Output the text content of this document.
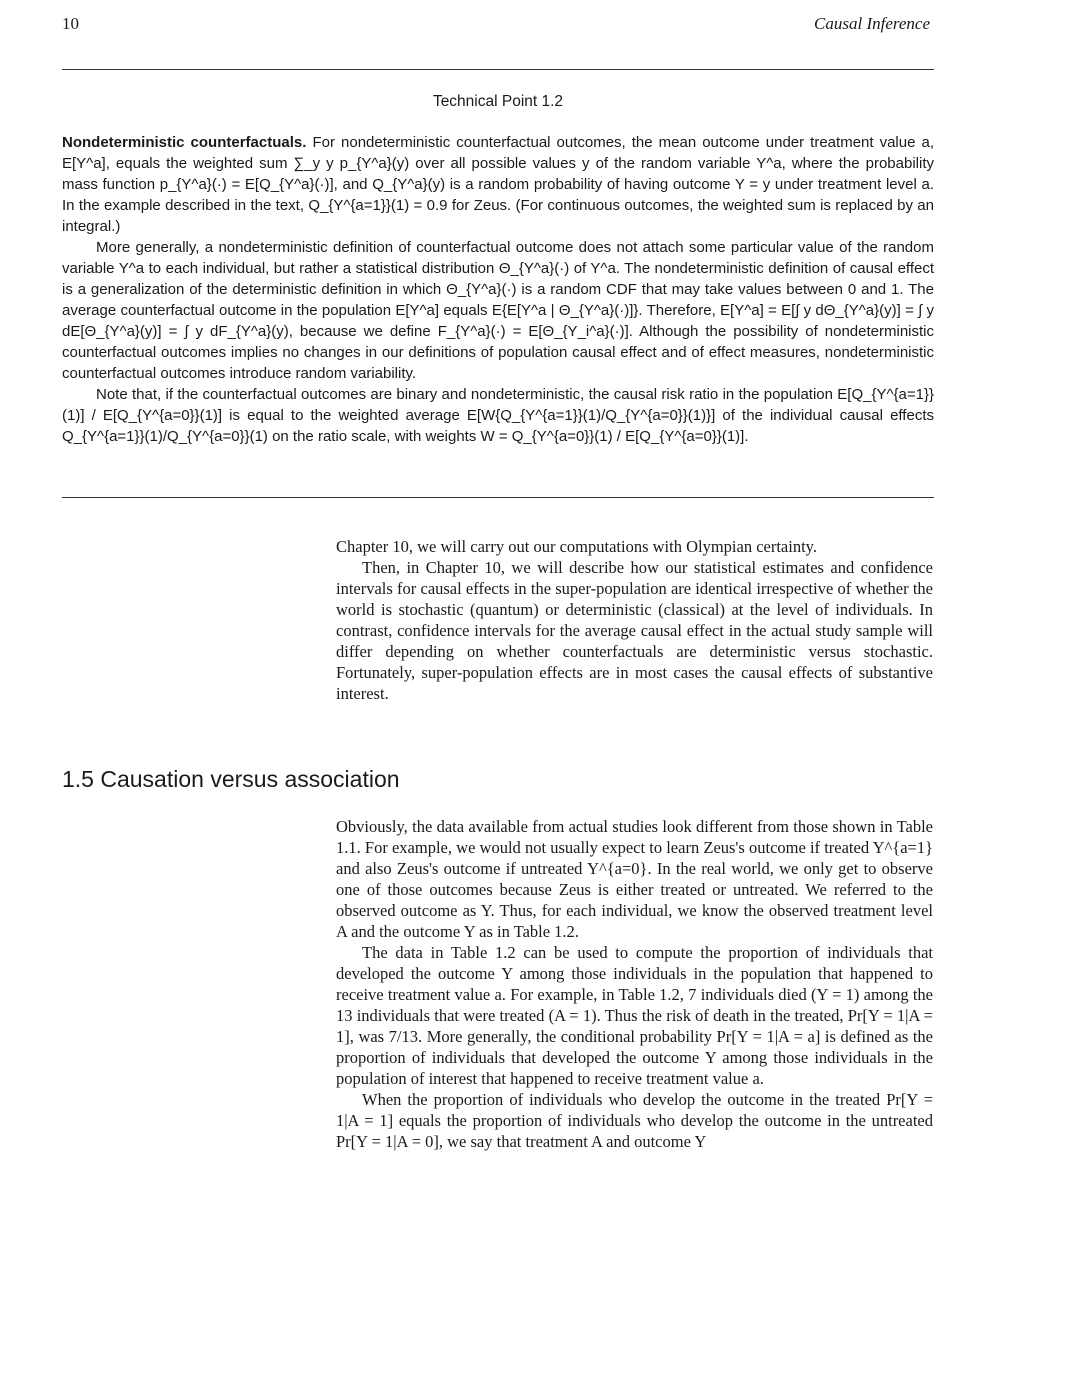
10	Causal Inference
Technical Point 1.2

Nondeterministic counterfactuals. For nondeterministic counterfactual outcomes, the mean outcome under treatment value a, E[Y^a], equals the weighted sum ∑_y y p_{Y^a}(y) over all possible values y of the random variable Y^a, where the probability mass function p_{Y^a}(·) = E[Q_{Y^a}(·)], and Q_{Y^a}(y) is a random probability of having outcome Y = y under treatment level a. In the example described in the text, Q_{Y^{a=1}}(1) = 0.9 for Zeus. (For continuous outcomes, the weighted sum is replaced by an integral.)

More generally, a nondeterministic definition of counterfactual outcome does not attach some particular value of the random variable Y^a to each individual, but rather a statistical distribution Θ_{Y^a}(·) of Y^a. The nondeterministic definition of causal effect is a generalization of the deterministic definition in which Θ_{Y^a}(·) is a random CDF that may take values between 0 and 1. The average counterfactual outcome in the population E[Y^a] equals E{E[Y^a | Θ_{Y^a}(·)]}. Therefore, E[Y^a] = E[∫ y dΘ_{Y^a}(y)] = ∫ y dE[Θ_{Y^a}(y)] = ∫ y dF_{Y^a}(y), because we define F_{Y^a}(·) = E[Θ_{Y_i^a}(·)]. Although the possibility of nondeterministic counterfactual outcomes implies no changes in our definitions of population causal effect and of effect measures, nondeterministic counterfactual outcomes introduce random variability.

Note that, if the counterfactual outcomes are binary and nondeterministic, the causal risk ratio in the population E[Q_{Y^{a=1}}(1)] / E[Q_{Y^{a=0}}(1)] is equal to the weighted average E[W{Q_{Y^{a=1}}(1)/Q_{Y^{a=0}}(1)}] of the individual causal effects Q_{Y^{a=1}}(1)/Q_{Y^{a=0}}(1) on the ratio scale, with weights W = Q_{Y^{a=0}}(1) / E[Q_{Y^{a=0}}(1)].

Chapter 10, we will carry out our computations with Olympian certainty.

Then, in Chapter 10, we will describe how our statistical estimates and confidence intervals for causal effects in the super-population are identical irrespective of whether the world is stochastic (quantum) or deterministic (classical) at the level of individuals. In contrast, confidence intervals for the average causal effect in the actual study sample will differ depending on whether counterfactuals are deterministic versus stochastic. Fortunately, super-population effects are in most cases the causal effects of substantive interest.

1.5 Causation versus association

Obviously, the data available from actual studies look different from those shown in Table 1.1. For example, we would not usually expect to learn Zeus's outcome if treated Y^{a=1} and also Zeus's outcome if untreated Y^{a=0}. In the real world, we only get to observe one of those outcomes because Zeus is either treated or untreated. We referred to the observed outcome as Y. Thus, for each individual, we know the observed treatment level A and the outcome Y as in Table 1.2.

The data in Table 1.2 can be used to compute the proportion of individuals that developed the outcome Y among those individuals in the population that happened to receive treatment value a. For example, in Table 1.2, 7 individuals died (Y = 1) among the 13 individuals that were treated (A = 1). Thus the risk of death in the treated, Pr[Y = 1|A = 1], was 7/13. More generally, the conditional probability Pr[Y = 1|A = a] is defined as the proportion of individuals that developed the outcome Y among those individuals in the population of interest that happened to receive treatment value a.

When the proportion of individuals who develop the outcome in the treated Pr[Y = 1|A = 1] equals the proportion of individuals who develop the outcome in the untreated Pr[Y = 1|A = 0], we say that treatment A and outcome Y
